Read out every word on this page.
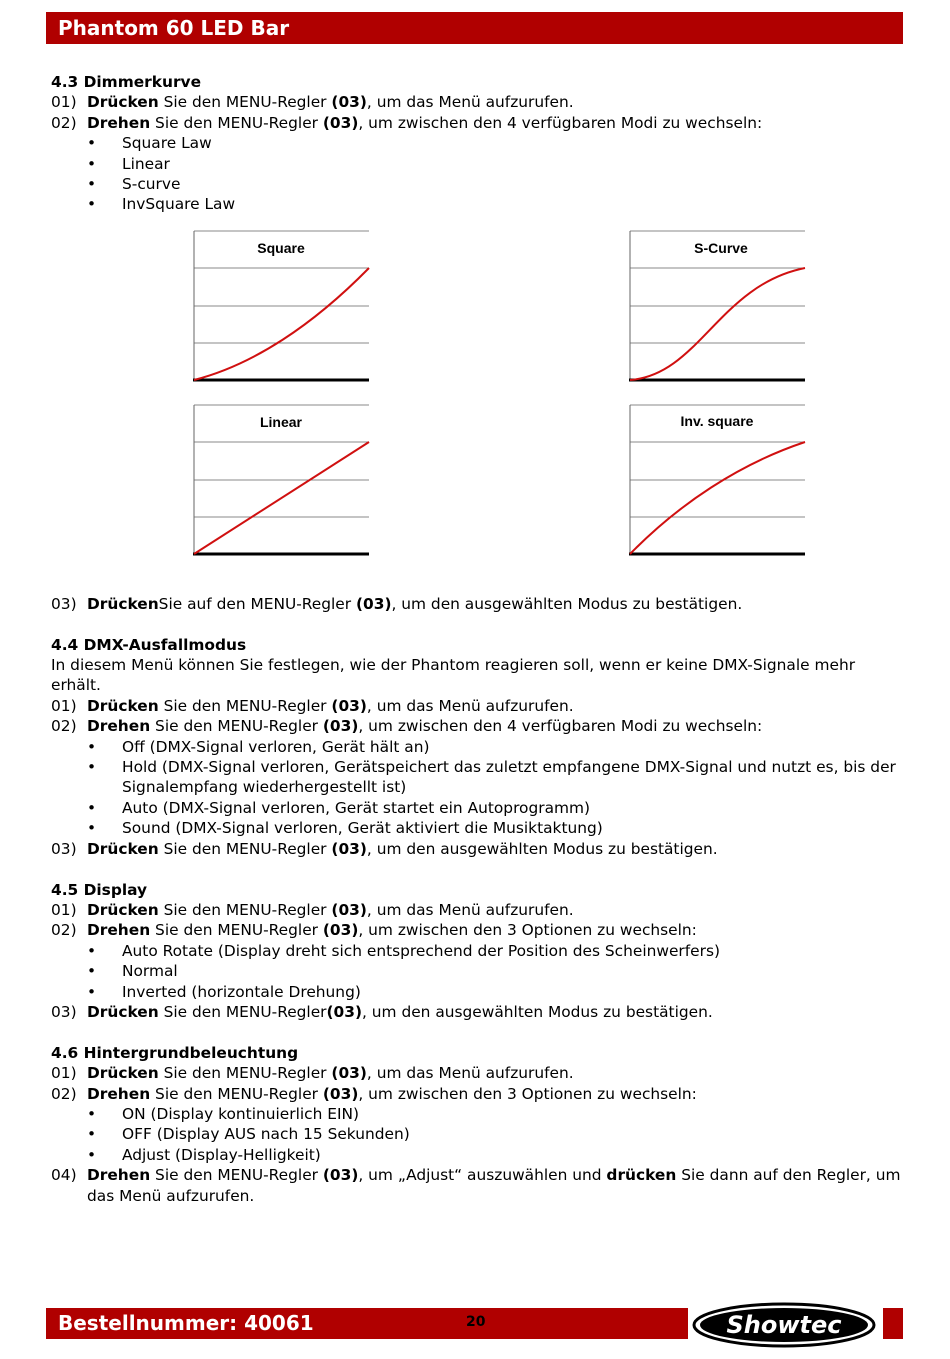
Phantom 60 LED Bar

4.3 Dimmerkurve

01) Drücken Sie den MENU-Regler (03), um das Menü aufzurufen.
02) Drehen Sie den MENU-Regler (03), um zwischen den 4 verfügbaren Modi zu wechseln:
•	Square Law
•	Linear
•	S-curve
•	InvSquare Law
Square	S-Curve
Linear	Inv. square
03) DrückenSie auf den MENU-Regler (03), um den ausgewählten Modus zu bestätigen.

4.4 DMX-Ausfallmodus

In diesem Menü können Sie festlegen, wie der Phantom reagieren soll, wenn er keine DMX-Signale mehr erhält.

01) Drücken Sie den MENU-Regler (03), um das Menü aufzurufen.
02) Drehen Sie den MENU-Regler (03), um zwischen den 4 verfügbaren Modi zu wechseln:
•	Off (DMX-Signal verloren, Gerät hält an)
•	Hold (DMX-Signal verloren, Gerätspeichert das zuletzt empfangene DMX-Signal und nutzt es, bis der Signalempfang wiederhergestellt ist)
•	Auto (DMX-Signal verloren, Gerät startet ein Autoprogramm)
•	Sound (DMX-Signal verloren, Gerät aktiviert die Musiktaktung)
03) Drücken Sie den MENU-Regler (03), um den ausgewählten Modus zu bestätigen.

4.5 Display

01) Drücken Sie den MENU-Regler (03), um das Menü aufzurufen.
02) Drehen Sie den MENU-Regler (03), um zwischen den 3 Optionen zu wechseln:
•	Auto Rotate (Display dreht sich entsprechend der Position des Scheinwerfers)
•	Normal
•	Inverted (horizontale Drehung)
03) Drücken Sie den MENU-Regler(03), um den ausgewählten Modus zu bestätigen.

4.6 Hintergrundbeleuchtung

01) Drücken Sie den MENU-Regler (03), um das Menü aufzurufen.
02) Drehen Sie den MENU-Regler (03), um zwischen den 3 Optionen zu wechseln:
•	ON (Display kontinuierlich EIN)
•	OFF (Display AUS nach 15 Sekunden)
•	Adjust (Display-Helligkeit)
04) Drehen Sie den MENU-Regler (03), um „Adjust“ auszuwählen und drücken Sie dann auf den Regler, um das Menü aufzurufen.
Bestellnummer: 40061	20	Showtec
